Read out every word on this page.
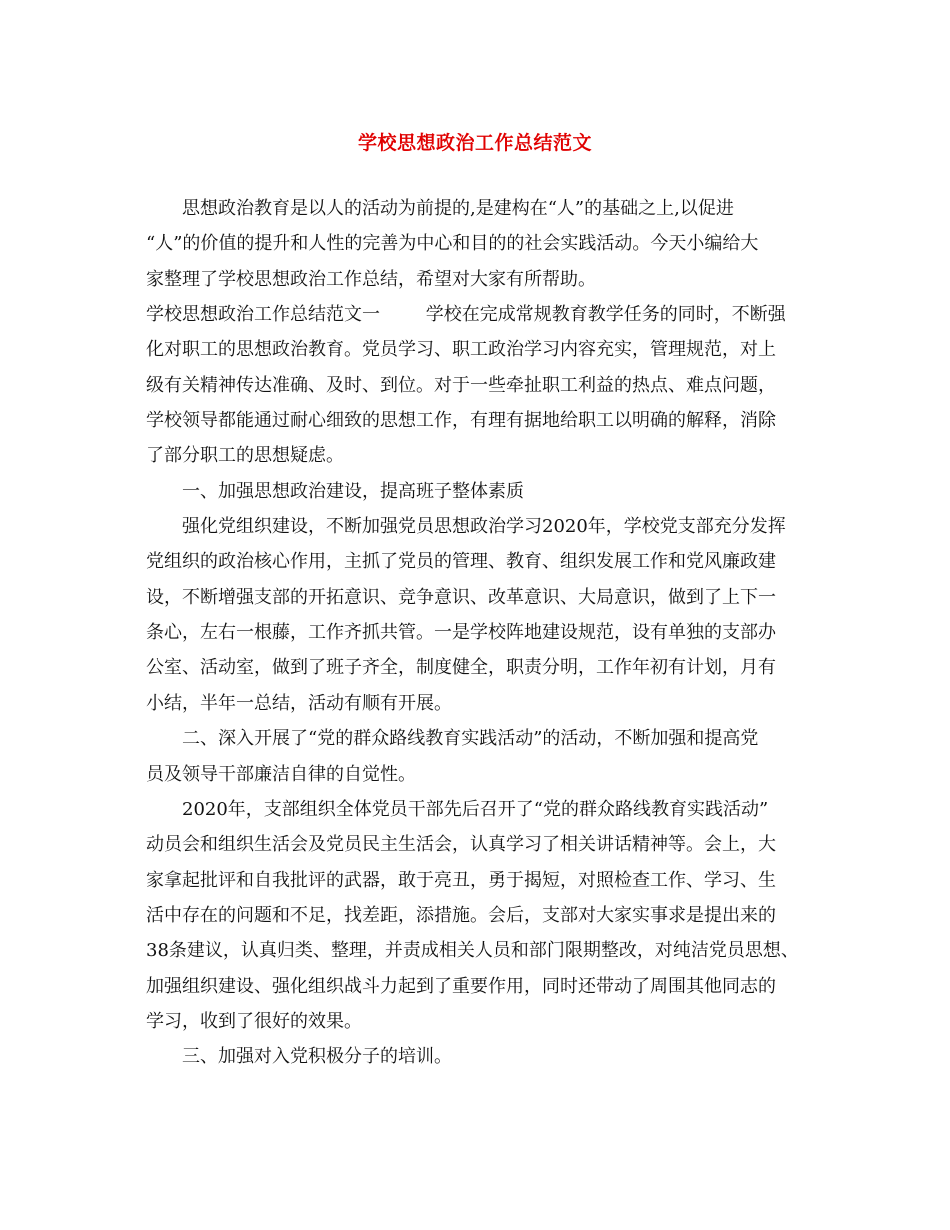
学校思想政治工作总结范文
思想政治教育是以人的活动为前提的,是建构在“人”的基础之上,以促进
“人”的价值的提升和人性的完善为中心和目的的社会实践活动。今天小编给大
家整理了学校思想政治工作总结，希望对大家有所帮助。
学校思想政治工作总结范文一        学校在完成常规教育教学任务的同时，不断强
化对职工的思想政治教育。党员学习、职工政治学习内容充实，管理规范，对上
级有关精神传达准确、及时、到位。对于一些牵扯职工利益的热点、难点问题，
学校领导都能通过耐心细致的思想工作，有理有据地给职工以明确的解释，消除
了部分职工的思想疑虑。
一、加强思想政治建设，提高班子整体素质
强化党组织建设，不断加强党员思想政治学习2020年，学校党支部充分发挥
党组织的政治核心作用，主抓了党员的管理、教育、组织发展工作和党风廉政建
设，不断增强支部的开拓意识、竞争意识、改革意识、大局意识，做到了上下一
条心，左右一根藤，工作齐抓共管。一是学校阵地建设规范，设有单独的支部办
公室、活动室，做到了班子齐全，制度健全，职责分明，工作年初有计划，月有
小结，半年一总结，活动有顺有开展。
二、深入开展了“党的群众路线教育实践活动”的活动，不断加强和提高党
员及领导干部廉洁自律的自觉性。
2020年，支部组织全体党员干部先后召开了“党的群众路线教育实践活动”
动员会和组织生活会及党员民主生活会，认真学习了相关讲话精神等。会上，大
家拿起批评和自我批评的武器，敢于亮丑，勇于揭短，对照检查工作、学习、生
活中存在的问题和不足，找差距，添措施。会后，支部对大家实事求是提出来的
38条建议，认真归类、整理，并责成相关人员和部门限期整改，对纯洁党员思想、
加强组织建设、强化组织战斗力起到了重要作用，同时还带动了周围其他同志的
学习，收到了很好的效果。
三、加强对入党积极分子的培训。
